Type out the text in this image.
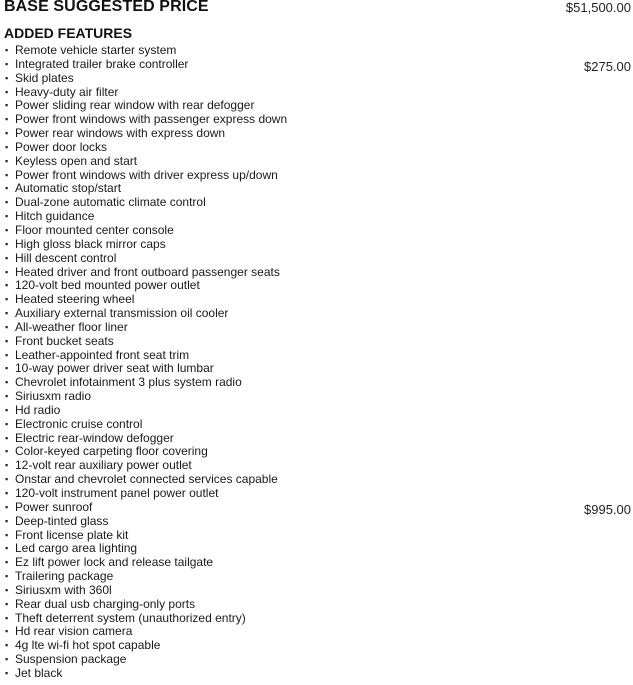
BASE SUGGESTED PRICE	$51,500.00
ADDED FEATURES
▪ Remote vehicle starter system
▪ Integrated trailer brake controller	$275.00
▪ Skid plates
▪ Heavy-duty air filter
▪ Power sliding rear window with rear defogger
▪ Power front windows with passenger express down
▪ Power rear windows with express down
▪ Power door locks
▪ Keyless open and start
▪ Power front windows with driver express up/down
▪ Automatic stop/start
▪ Dual-zone automatic climate control
▪ Hitch guidance
▪ Floor mounted center console
▪ High gloss black mirror caps
▪ Hill descent control
▪ Heated driver and front outboard passenger seats
▪ 120-volt bed mounted power outlet
▪ Heated steering wheel
▪ Auxiliary external transmission oil cooler
▪ All-weather floor liner
▪ Front bucket seats
▪ Leather-appointed front seat trim
▪ 10-way power driver seat with lumbar
▪ Chevrolet infotainment 3 plus system radio
▪ Siriusxm radio
▪ Hd radio
▪ Electronic cruise control
▪ Electric rear-window defogger
▪ Color-keyed carpeting floor covering
▪ 12-volt rear auxiliary power outlet
▪ Onstar and chevrolet connected services capable
▪ 120-volt instrument panel power outlet
▪ Power sunroof	$995.00
▪ Deep-tinted glass
▪ Front license plate kit
▪ Led cargo area lighting
▪ Ez lift power lock and release tailgate
▪ Trailering package
▪ Siriusxm with 360l
▪ Rear dual usb charging-only ports
▪ Theft deterrent system (unauthorized entry)
▪ Hd rear vision camera
▪ 4g lte wi-fi hot spot capable
▪ Suspension package
▪ Jet black
